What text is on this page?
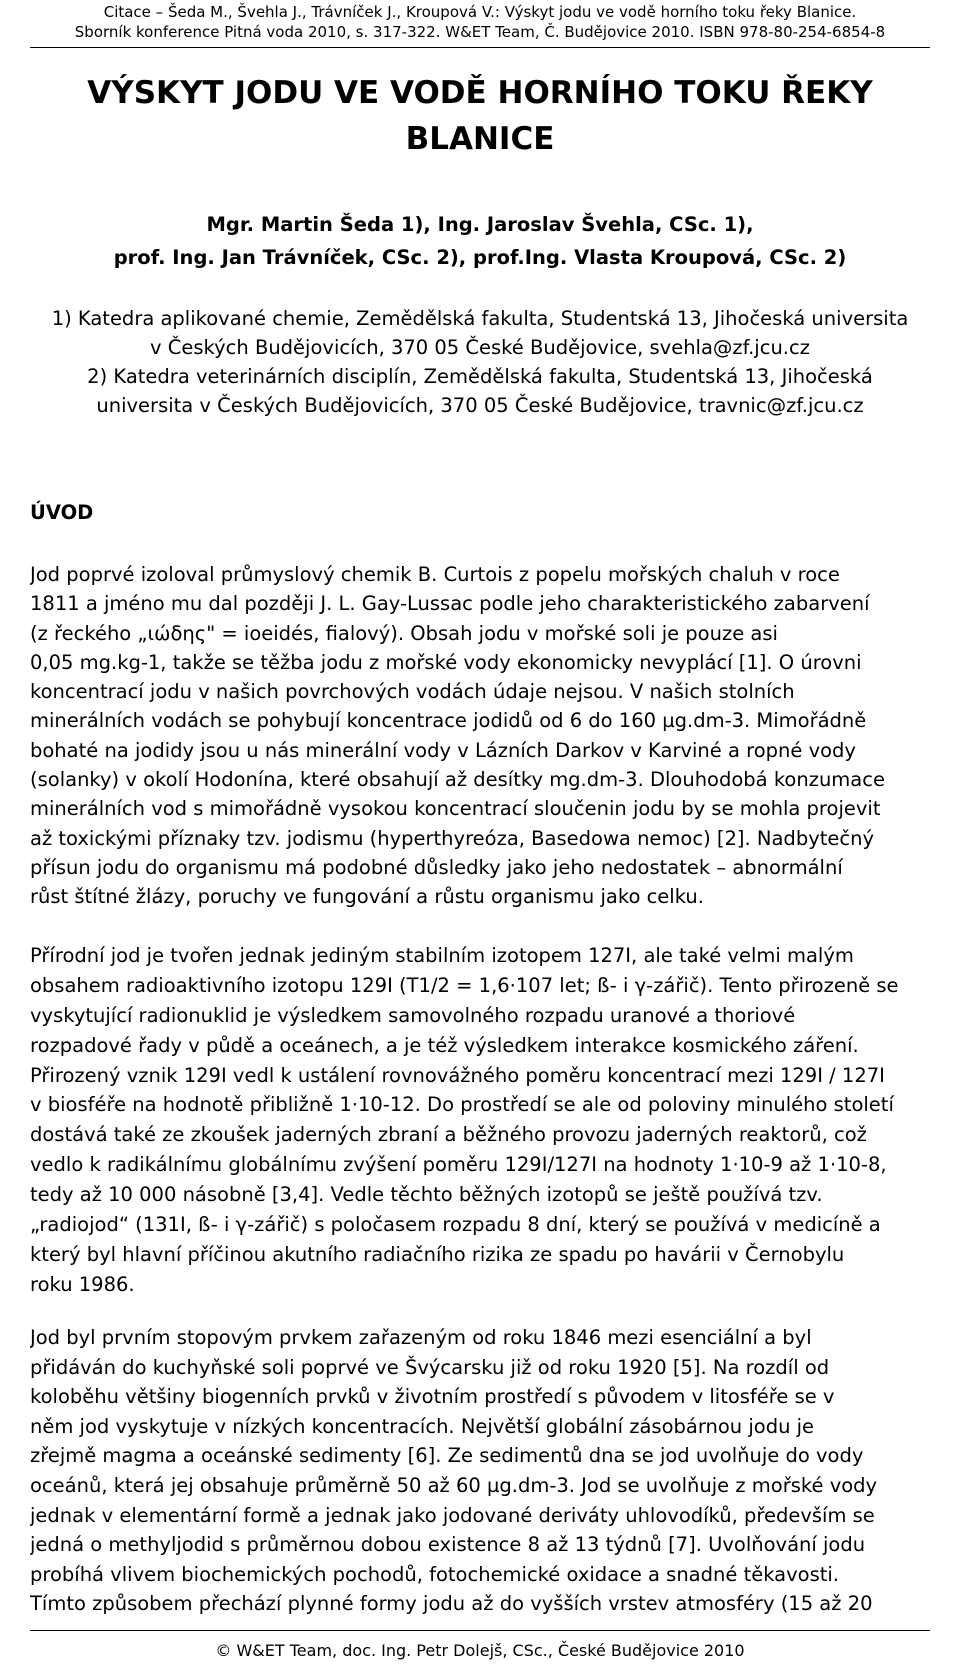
Citace – Šeda M., Švehla J., Trávníček J., Kroupová V.: Výskyt jodu ve vodě horního toku řeky Blanice.
Sborník konference Pitná voda 2010, s. 317-322. W&ET Team, Č. Budějovice 2010. ISBN 978-80-254-6854-8
VÝSKYT JODU VE VODĚ HORNÍHO TOKU ŘEKY
BLANICE
Mgr. Martin Šeda 1), Ing. Jaroslav Švehla, CSc. 1),
prof. Ing. Jan Trávníček, CSc. 2), prof.Ing. Vlasta Kroupová, CSc. 2)
1) Katedra aplikované chemie, Zemědělská fakulta, Studentská 13, Jihočeská universita
v Českých Budějovicích, 370 05 České Budějovice, svehla@zf.jcu.cz
2) Katedra veterinárních disciplín, Zemědělská fakulta, Studentská 13, Jihočeská
universita v Českých Budějovicích, 370 05 České Budějovice, travnic@zf.jcu.cz
ÚVOD
Jod poprvé izoloval průmyslový chemik B. Curtois z popelu mořských chaluh v roce
1811 a jméno mu dal později J. L. Gay-Lussac podle jeho charakteristického zabarvení
(z řeckého „ιώδης" = ioeidés, fialový). Obsah jodu v mořské soli je pouze asi
0,05 mg.kg-1, takže se těžba jodu z mořské vody ekonomicky nevyplácí [1]. O úrovni
koncentrací jodu v našich povrchových vodách údaje nejsou. V našich stolních
minerálních vodách se pohybují koncentrace jodidů od 6 do 160 µg.dm-3. Mimořádně
bohaté na jodidy jsou u nás minerální vody v Lázních Darkov v Karviné a ropné vody
(solanky) v okolí Hodonína, které obsahují až desítky mg.dm-3. Dlouhodobá konzumace
minerálních vod s mimořádně vysokou koncentrací sloučenin jodu by se mohla projevit
až toxickými příznaky tzv. jodismu (hyperthyreóza, Basedowa nemoc) [2]. Nadbytečný
přísun jodu do organismu má podobné důsledky jako jeho nedostatek – abnormální
růst štítné žlázy, poruchy ve fungování a růstu organismu jako celku.
Přírodní jod je tvořen jednak jediným stabilním izotopem 127I, ale také velmi malým
obsahem radioaktivního izotopu 129I (T1/2 = 1,6·107 let; ß- i γ-zářič). Tento přirozeně se
vyskytující radionuklid je výsledkem samovolného rozpadu uranové a thoriové
rozpadové řady v půdě a oceánech, a je též výsledkem interakce kosmického záření.
Přirozený vznik 129I vedl k ustálení rovnovážného poměru koncentrací mezi 129I / 127I
v biosféře na hodnotě přibližně 1·10-12. Do prostředí se ale od poloviny minulého století
dostává také ze zkoušek jaderných zbraní a běžného provozu jaderných reaktorů, což
vedlo k radikálnímu globálnímu zvýšení poměru 129I/127I na hodnoty 1·10-9 až 1·10-8,
tedy až 10 000 násobně [3,4]. Vedle těchto běžných izotopů se ještě používá tzv.
„radiojod“ (131I, ß- i γ-zářič) s poločasem rozpadu 8 dní, který se používá v medicíně a
který byl hlavní příčinou akutního radiačního rizika ze spadu po havárii v Černobylu
roku 1986.
Jod byl prvním stopovým prvkem zařazeným od roku 1846 mezi esenciální a byl
přidáván do kuchyňské soli poprvé ve Švýcarsku již od roku 1920 [5]. Na rozdíl od
koloběhu většiny biogenních prvků v životním prostředí s původem v litosféře se v
něm jod vyskytuje v nízkých koncentracích. Největší globální zásobárnou jodu je
zřejmě magma a oceánské sedimenty [6]. Ze sedimentů dna se jod uvolňuje do vody
oceánů, která jej obsahuje průměrně 50 až 60 µg.dm-3. Jod se uvolňuje z mořské vody
jednak v elementární formě a jednak jako jodované deriváty uhlovodíků, především se
jedná o methyljodid s průměrnou dobou existence 8 až 13 týdnů [7]. Uvolňování jodu
probíhá vlivem biochemických pochodů, fotochemické oxidace a snadné těkavosti.
Tímto způsobem přechází plynné formy jodu až do vyšších vrstev atmosféry (15 až 20
© W&ET Team, doc. Ing. Petr Dolejš, CSc., České Budějovice 2010
